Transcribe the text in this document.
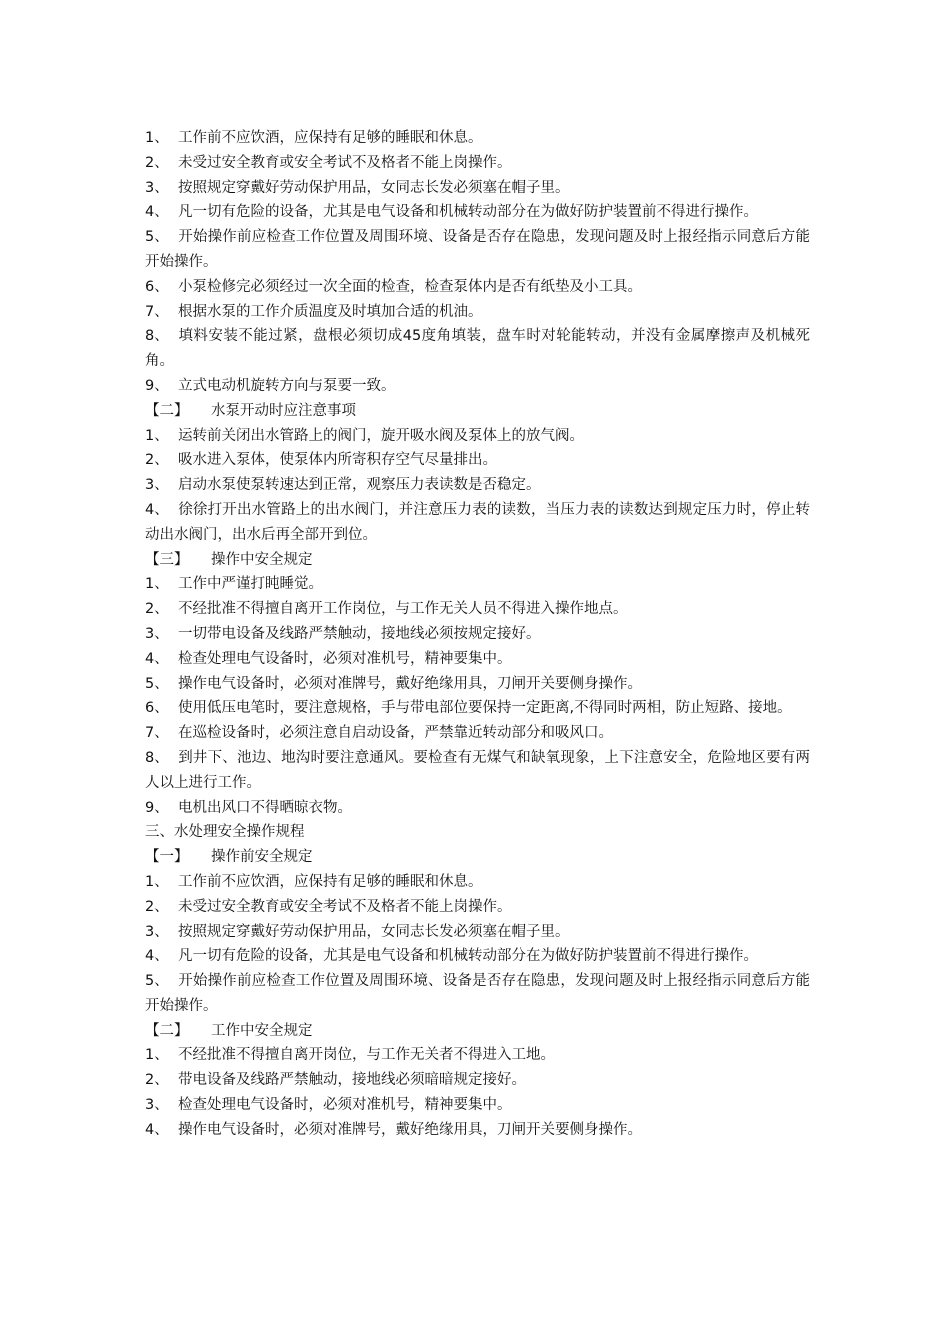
1、 工作前不应饮酒，应保持有足够的睡眠和休息。
2、 未受过安全教育或安全考试不及格者不能上岗操作。
3、 按照规定穿戴好劳动保护用品，女同志长发必须塞在帽子里。
4、 凡一切有危险的设备，尤其是电气设备和机械转动部分在为做好防护装置前不得进行操作。
5、 开始操作前应检查工作位置及周围环境、设备是否存在隐患，发现问题及时上报经指示同意后方能开始操作。
6、 小泵检修完必须经过一次全面的检查，检查泵体内是否有纸垫及小工具。
7、 根据水泵的工作介质温度及时填加合适的机油。
8、 填料安装不能过紧，盘根必须切成45度角填装，盘车时对轮能转动，并没有金属摩擦声及机械死角。
9、 立式电动机旋转方向与泵要一致。
【二】 水泵开动时应注意事项
1、 运转前关闭出水管路上的阀门，旋开吸水阀及泵体上的放气阀。
2、 吸水进入泵体，使泵体内所寄积存空气尽量排出。
3、 启动水泵使泵转速达到正常，观察压力表读数是否稳定。
4、 徐徐打开出水管路上的出水阀门，并注意压力表的读数，当压力表的读数达到规定压力时，停止转动出水阀门，出水后再全部开到位。
【三】 操作中安全规定
1、 工作中严谨打盹睡觉。
2、 不经批准不得擅自离开工作岗位，与工作无关人员不得进入操作地点。
3、 一切带电设备及线路严禁触动，接地线必须按规定接好。
4、 检查处理电气设备时，必须对准机号，精神要集中。
5、 操作电气设备时，必须对准牌号，戴好绝缘用具，刀闸开关要侧身操作。
6、 使用低压电笔时，要注意规格，手与带电部位要保持一定距离,不得同时两相，防止短路、接地。
7、 在巡检设备时，必须注意自启动设备，严禁靠近转动部分和吸风口。
8、 到井下、池边、地沟时要注意通风。要检查有无煤气和缺氧现象，上下注意安全，危险地区要有两人以上进行工作。
9、 电机出风口不得晒晾衣物。
三、水处理安全操作规程
【一】 操作前安全规定
1、 工作前不应饮酒，应保持有足够的睡眠和休息。
2、 未受过安全教育或安全考试不及格者不能上岗操作。
3、 按照规定穿戴好劳动保护用品，女同志长发必须塞在帽子里。
4、 凡一切有危险的设备，尤其是电气设备和机械转动部分在为做好防护装置前不得进行操作。
5、 开始操作前应检查工作位置及周围环境、设备是否存在隐患，发现问题及时上报经指示同意后方能开始操作。
【二】 工作中安全规定
1、 不经批准不得擅自离开岗位，与工作无关者不得进入工地。
2、 带电设备及线路严禁触动，接地线必须暗暗规定接好。
3、 检查处理电气设备时，必须对准机号，精神要集中。
4、 操作电气设备时，必须对准牌号，戴好绝缘用具，刀闸开关要侧身操作。
